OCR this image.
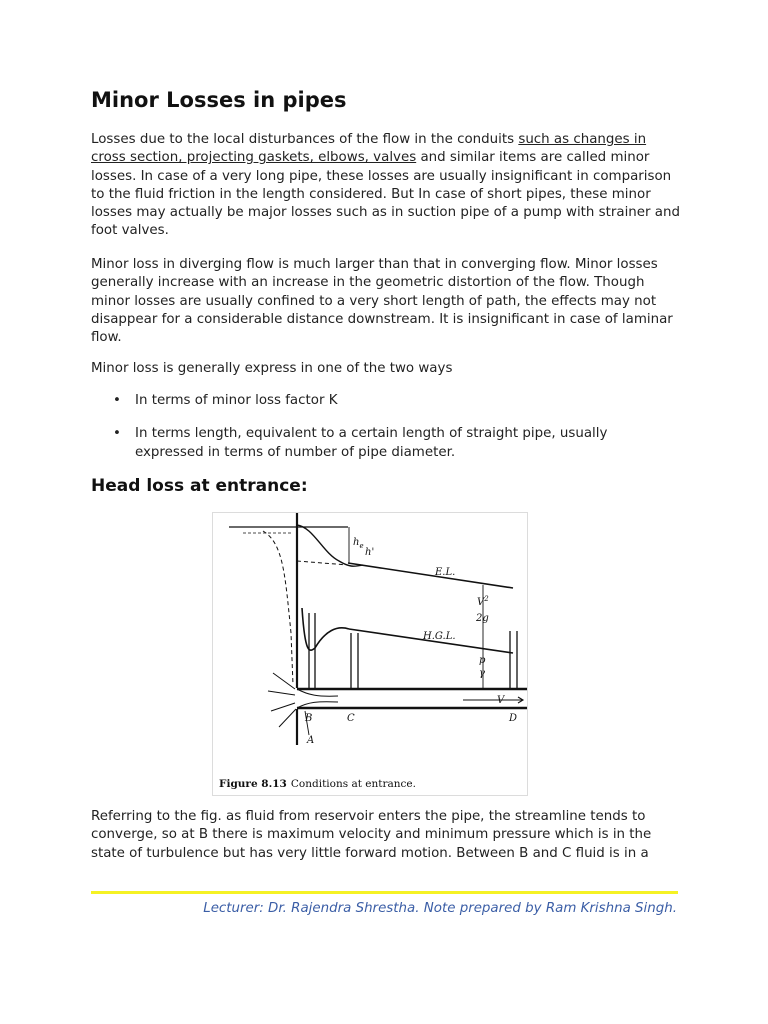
Minor Losses in pipes

Losses due to the local disturbances of the flow in the conduits such as changes in cross section, projecting gaskets, elbows, valves and similar items are called minor losses. In case of a very long pipe, these losses are usually insignificant in comparison to the fluid friction in the length considered. But In case of short pipes, these minor losses may actually be major losses such as in suction pipe of a pump with strainer and foot valves.

Minor loss in diverging flow is much larger than that in converging flow. Minor losses generally increase with an increase in the geometric distortion of the flow. Though minor losses are usually confined to a very short length of path, the effects may not disappear for a considerable distance downstream. It is insignificant in case of laminar flow.

Minor loss is generally express in one of the two ways

• In terms of minor loss factor K
• In terms length, equivalent to a certain length of straight pipe, usually expressed in terms of number of pipe diameter.
Head loss at entrance:
$h_e$
h'
E.L.
H.G.L.
$V^2$
2g
p
γ
V
B	C	D
A
Figure 8.13 Conditions at entrance.

Referring to the fig. as fluid from reservoir enters the pipe, the streamline tends to converge, so at B there is maximum velocity and minimum pressure which is in the state of turbulence but has very little forward motion. Between B and C fluid is in a

Lecturer: Dr. Rajendra Shrestha. Note prepared by Ram Krishna Singh.
